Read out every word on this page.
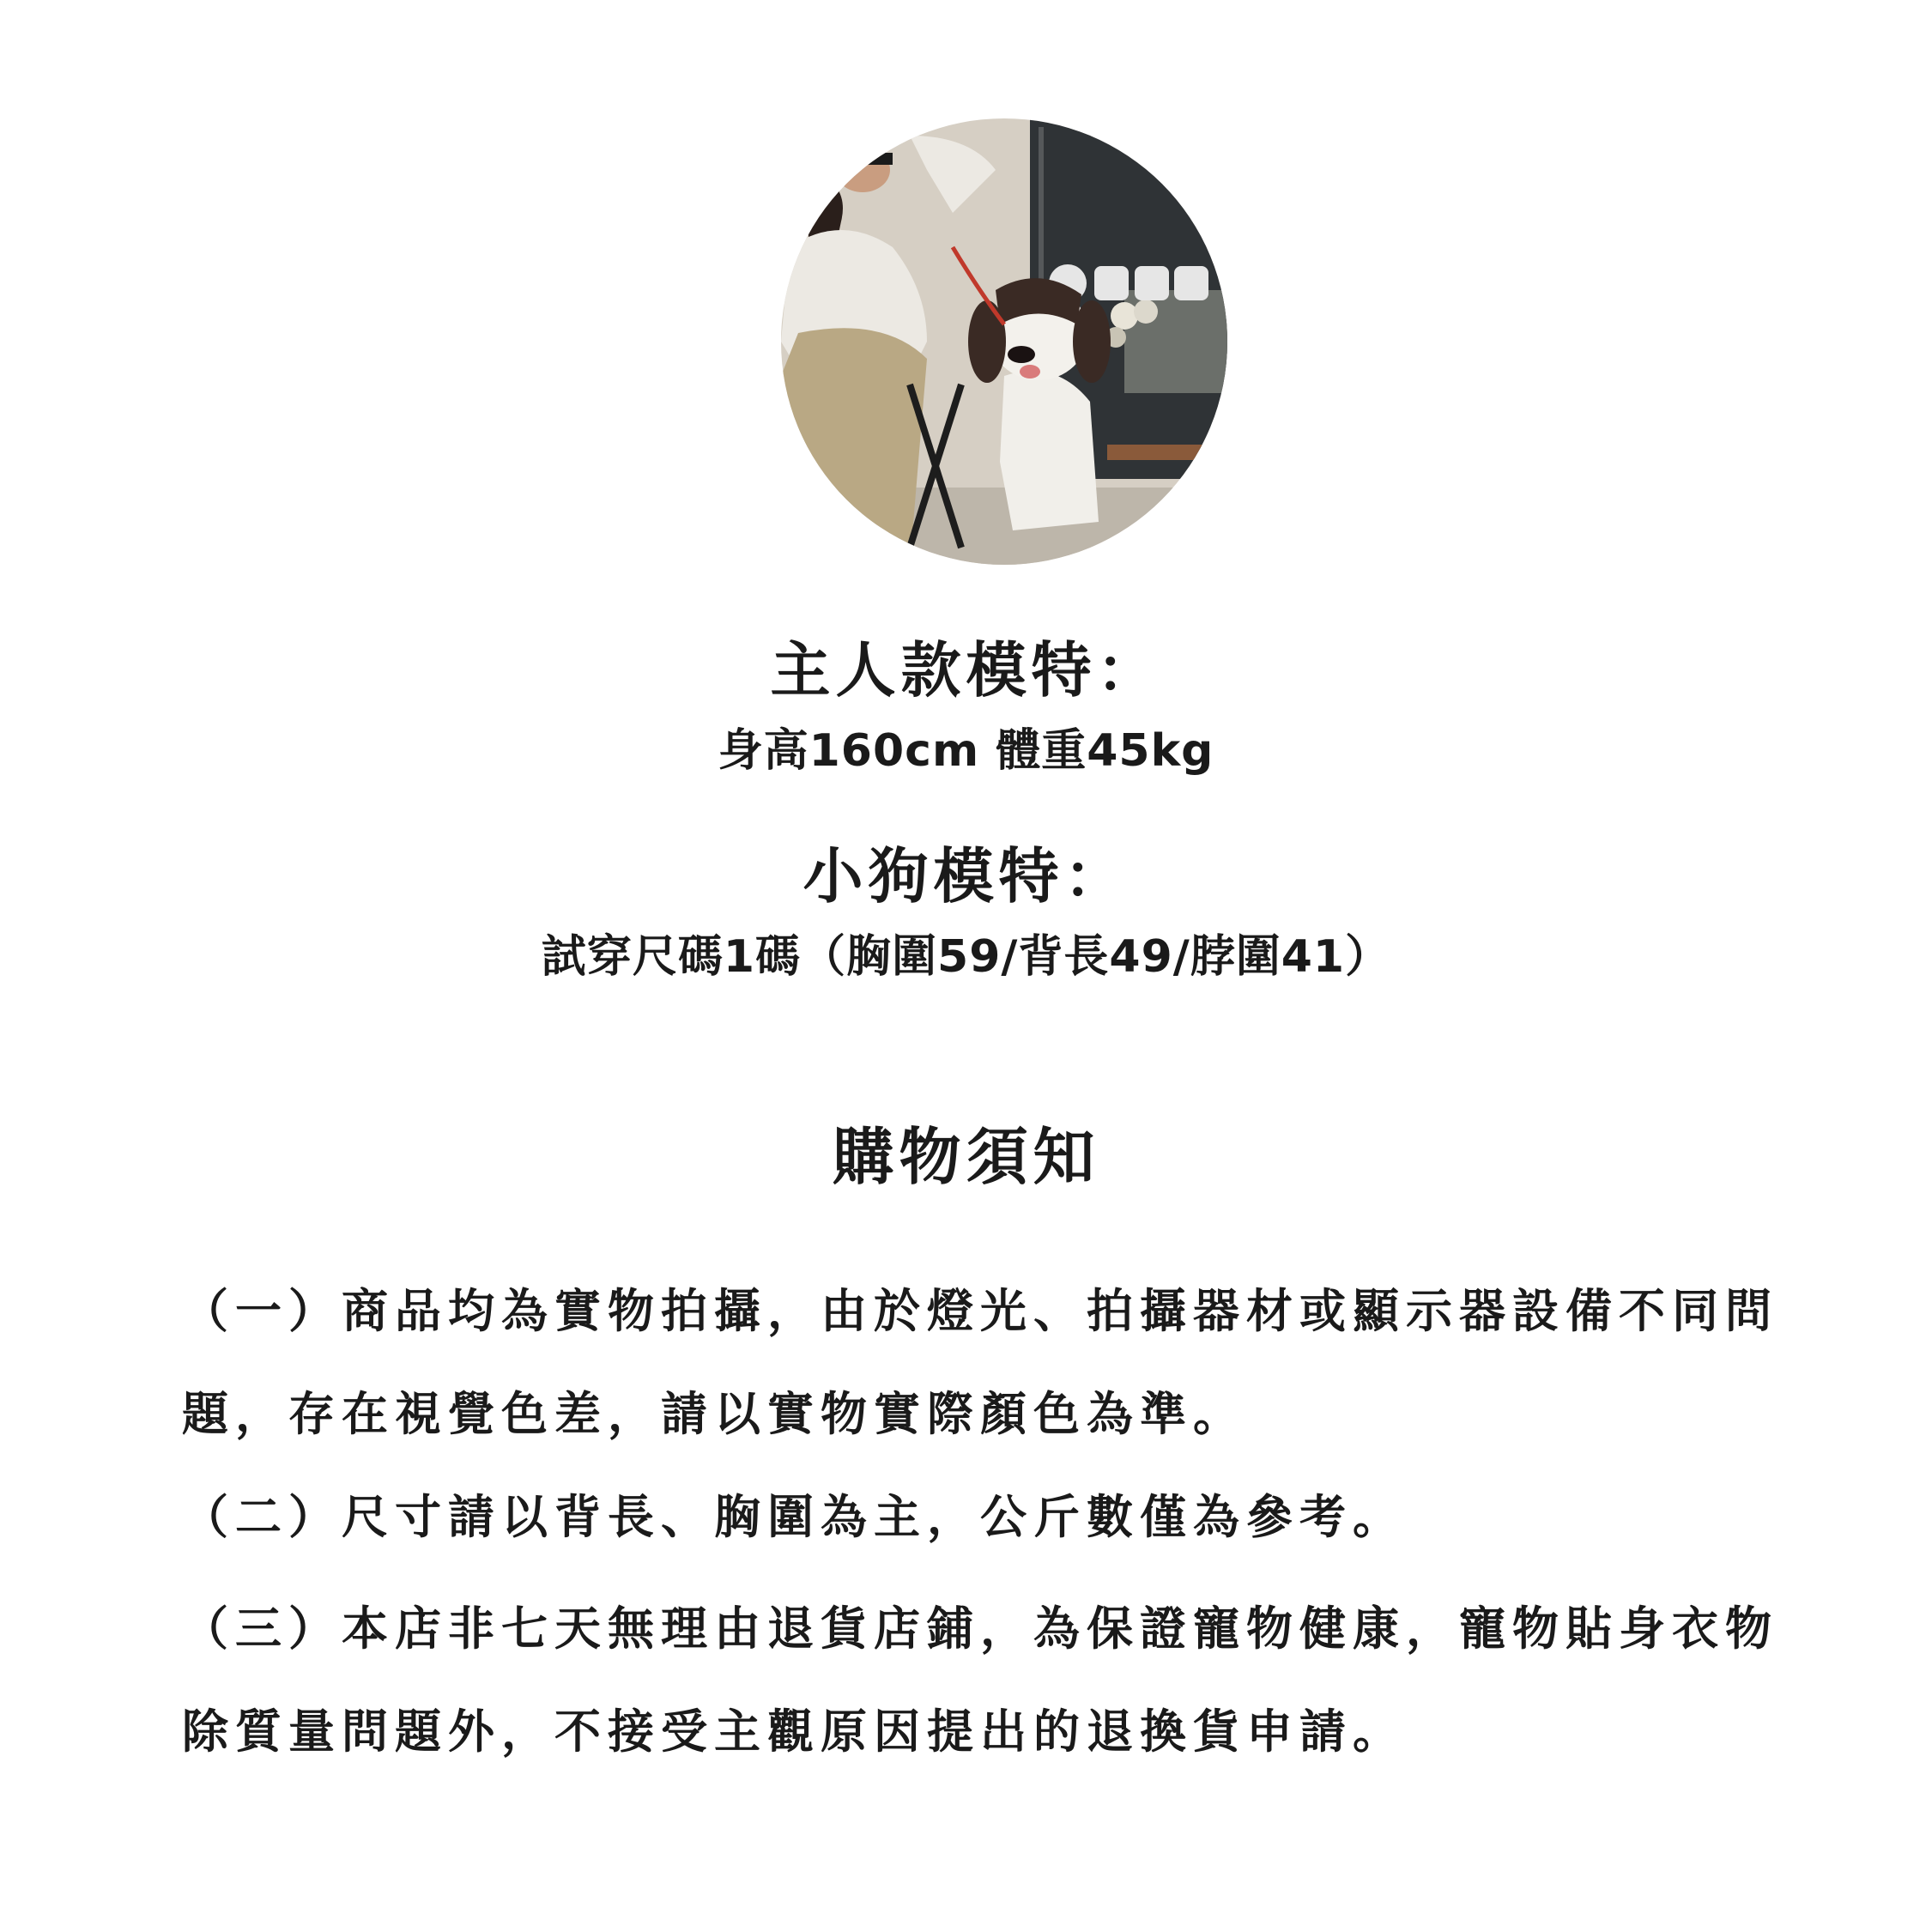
主人款模特：
身高160cm 體重45kg
小狗模特：
試穿尺碼1碼（胸圍59/背長49/脖圍41）
購物須知
（一）商品均為實物拍攝，由於燈光、拍攝器材或顯示器設備不同問
題，存在視覺色差，請以實物實際顏色為準。
（二）尺寸請以背長、胸圍為主，公斤數僅為參考。
（三）本店非七天無理由退貨店鋪，為保證寵物健康，寵物貼身衣物
除質量問題外，不接受主觀原因提出的退換貨申請。
